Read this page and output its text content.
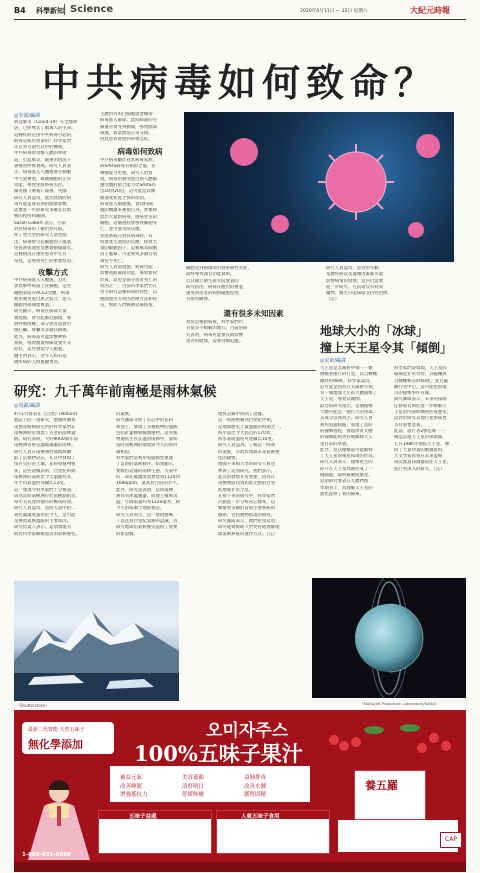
B4 科學新知 Science	2020年4月11日 — 12日 星期六	大紀元時報
中共病毒如何致命？
◎李韻/編譯
新冠肺炎（Covid-19）在全球肆
虐，已經奪去了數萬人的生命。
這種疾病是由中共病毒引起的，
病毒是如何致命的？科學家們
正在努力研究其中的機制。
中共病毒會攻擊人體的呼吸
道，引起肺炎，嚴重的情況下
會導致呼吸衰竭。研究人員表
示，病毒進入人體後會在細胞
中大量複製，破壞細胞的正常
功能，導致免疫系統失控。
據英國《衛報》報導，英國
研究人員認為，此次疫情的病
毒可能造成長期的健康影響，
需要進一步的研究來確定其影
響的程度和範圍。
Sarah Gilbert 表示，目前
對於病毒的了解仍然有限。
愛丁堡大學的研究人員也指
出，病毒會引起細胞因子風暴，
免疫系統過度反應會損傷器官。
這種情況在重症患者中尤其
常見，是導致死亡的重要原因。
攻擊方式
中共病毒進入人體後，首先
會攻擊呼吸道上皮細胞，這些
細胞表面有ACE2受體，病毒
利用刺突蛋白與之結合，進入
細胞內部開始複製。
研究顯示，病毒在肺部大量
複製後，會引起肺泡損傷，導
致呼吸困難。部分患者還會出
現心臟、腎臟等多器官損傷。
此外，病毒還可能影響神經
系統，導致嗅覺和味覺喪失等
症狀，這些發現令人擔憂。
醫生們表示，老年人和有基
礎疾病的人群風險更高。
主體內外的白細胞就會攜帶
病毒進入肺部，此時肺部的毛
細血管會受到損傷，導致肺部
積液，氧氣無法正常交換。
因此患者會感到呼吸急促。
病毒如何致病
中共病毒屬於冠狀病毒家族，
與SARS病毒有相似之處，但
傳播能力更強。研究人員發
現，病毒的刺突蛋白與人體細
胞受體的結合能力比SARS高
出10到20倍，這可能是其傳
播速度如此之快的原因。
病毒進入細胞後，會劫持細
胞的機器來複製自身，然後釋
放出大量新病毒，感染更多的
細胞。這個過程會導致細胞死
亡，並引發炎症反應。
免疫系統在對抗病毒時，有
時會產生過度的反應，釋放大
量的細胞因子，這被稱為細胞
因子風暴，可能導致多器官衰
竭甚至死亡。
研究人員還發現，病毒可能
影響血液凝固功能，導致血栓
形成，這也是部分患者死亡的
原因之一。目前科學家們仍在
努力研究這種病毒的特性，以
便開發出有效的治療方法和疫
苗，幫助人們戰勝這場疫情。
細胞受到損傷而引發系統性炎症，
最終導致器官功能衰竭。
近日國立衛生研究院發表的
研究指出，病毒在體內的複製
速度與患者的病情嚴重程度
有密切關係。
還有很多未知因素
對於這種新病毒，科學家們仍
有很多不瞭解的地方。目前的研
究表明，病毒可能會長期影響
患者的健康，需要持續追蹤。
研究人員認為，患者的年齡、
基礎疾病以及遺傳因素都可能
影響病情的發展，這些仍需要
進一步研究。目前還沒有特效
藥物，醫生只能採取支持性治療。
（完）
地球大小的「冰球」
撞上天王星令其「傾倒」
◎宋東/編譯
天王星是太陽系中唯一一顆
側躺著運行的行星，其自轉軸
傾斜約98度。科學家認為，
這可能是因為在太陽系早期，
有一個地球大小的天體撞擊了
天王星，導致其傾倒。
最近的研究指出，這個撞擊
天體可能是一個巨大的冰球，
其成分以冰為主。研究人員
利用電腦模擬，重現了當時
的撞擊過程，發現冰質天體
的撞擊能夠更好地解釋天王
星目前的狀態。
此外，這次撞擊還可能解釋
了天王星的衛星和環的形成。
研究人員表示，撞擊產生的
碎片在天王星周圍形成了一
個圓盤，最終凝聚成衛星。
這項研究發表在天體物理
學期刊上，為理解天王星的
演化提供了新的線索。
科學家們還發現，天王星的
磁場也非常奇特，其磁軸與
自轉軸相差約60度，並且偏
離行星中心。這可能也與遠
古的撞擊事件有關。
研究團隊表示，未來的探測
任務將有助於進一步瞭解天
王星的內部結構和形成歷史，
這對於研究其他行星系統也
具有重要意義。
此前，旅行者2號是唯一一
艘造訪過天王星的探測器，
它在1986年飛掠天王星，傳
回了大量珍貴的數據資料。
天文學家希望在未來能夠
再次派遣探測器前往天王星，
進行更深入的研究。（完）
研究：九千萬年前南極是雨林氣候
◎周錦/編譯
4月1日發表在《自然》(Nature)
雜誌上的一項研究，德國阿爾弗
雷德韋格納研究所的科學家們在
南極洲附近發現了古老的雨林遺
跡。研究表明，大約9000萬年前
南極洲曾經是溫暖潮濕的雨林。
研究人員在南極洲西部海域鑽
取了沉積物岩芯，在其中發現了
保存完好的土壤、花粉和植物根
系。這些證據表明，白堊紀時期
南極洲的氣候比今天溫暖得多，
年平均氣溫約為攝氏12度。
這一發現令科學家們十分驚訝，
因為當時南極洲位於南極點附近，
每年有長達四個月的極夜時間。
研究人員認為，當時大氣中的二
氧化碳濃度遠高於今天，這可能
是導致氣候溫暖的主要原因。
研究負責人表示，這項發現有
助於科學家瞭解過去的氣候變化。
的氣候。
研究團隊分析了岩芯中的花粉
和孢子，發現了多種植物的遺跡，
包括針葉樹和蕨類植物。這些植
物通常生長在溫帶雨林中，說明
當時南極洲的環境與今天的新西
蘭相似。
科學家們還利用電腦模型重建
了當時的氣候條件。結果顯示，
要維持這樣的雨林生態，大氣中
的二氧化碳濃度需要達到1120到
1680ppm，遠高於目前的水平。
此外，研究還表明，當時南極
洲沒有冰蓋覆蓋，陸地上植被茂
盛，年降雨量約為1120毫米，與
今天的威爾士地區相當。
研究人員表示，這一發現挑戰
了以往對白堊紀氣候的認識，為
研究地球的氣候歷史提供了重要
的新證據。
地質記錄中找到了證據。
這一時期被稱為白堊紀中期，
是地球歷史上最溫暖的時期之一。
海平面比今天高出約170米，
海水表面溫度可達攝氏35度。
研究人員認為，了解這一時期
的氣候，有助於預測未來氣候變
化的趨勢。
德國不來梅大學的研究人員也
參與了這項研究。他們表示，
此次的發現非常重要，因為在
南極地區找到如此完整的白堊
紀地層非常罕見。
在接下來的研究中，科學家們
計劃進一步分析岩芯樣本，以
瞭解更多關於當時生態系統的
細節，包括動物群落的組成。
研究團隊表示，他們希望這項
研究能夠幫助人們更好地理解地
球氣候系統的運作方式。（完）
（Shutterstock）	（NASA/Jet Propulsion Laboratory/NASA）
最新二代智能 天然五味子
無化學添加
오미자주스
100%五味子果汁
補益元氣
改善睡眠
增強抵抗力
美容養顏
清肝明目
舒緩咳嗽
益肺排毒
改善水腫
護腎固精
養五羅
五味子益處	人氣五味子食用
CAP
1-888-881-6888
